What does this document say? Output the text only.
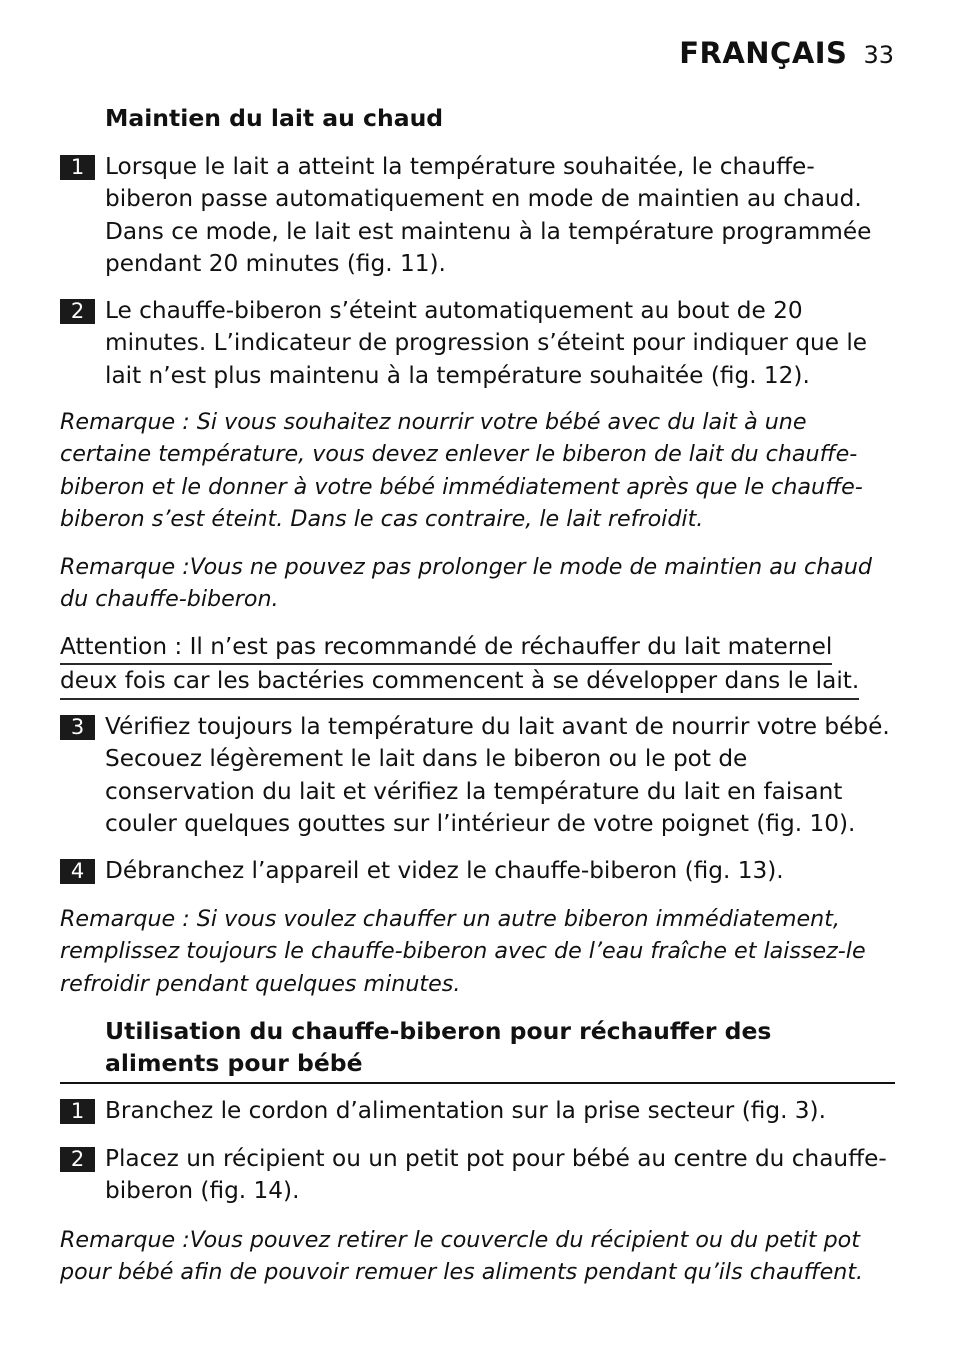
FRANÇAIS 33
Maintien du lait au chaud
1 Lorsque le lait a atteint la température souhaitée, le chauffe-biberon passe automatiquement en mode de maintien au chaud. Dans ce mode, le lait est maintenu à la température programmée pendant 20 minutes (fig. 11).
2 Le chauffe-biberon s’éteint automatiquement au bout de 20 minutes. L’indicateur de progression s’éteint pour indiquer que le lait n’est plus maintenu à la température souhaitée (fig. 12).

Remarque : Si vous souhaitez nourrir votre bébé avec du lait à une certaine température, vous devez enlever le biberon de lait du chauffe-biberon et le donner à votre bébé immédiatement après que le chauffe-biberon s’est éteint. Dans le cas contraire, le lait refroidit.

Remarque :Vous ne pouvez pas prolonger le mode de maintien au chaud du chauffe-biberon.

Attention : Il n’est pas recommandé de réchauffer du lait maternel
deux fois car les bactéries commencent à se développer dans le lait.

3 Vérifiez toujours la température du lait avant de nourrir votre bébé. Secouez légèrement le lait dans le biberon ou le pot de conservation du lait et vérifiez la température du lait en faisant couler quelques gouttes sur l’intérieur de votre poignet (fig. 10).
4 Débranchez l’appareil et videz le chauffe-biberon (fig. 13).

Remarque : Si vous voulez chauffer un autre biberon immédiatement, remplissez toujours le chauffe-biberon avec de l’eau fraîche et laissez-le refroidir pendant quelques minutes.

Utilisation du chauffe-biberon pour réchauffer des aliments pour bébé
1 Branchez le cordon d’alimentation sur la prise secteur (fig. 3).
2 Placez un récipient ou un petit pot pour bébé au centre du chauffe-biberon (fig. 14).

Remarque :Vous pouvez retirer le couvercle du récipient ou du petit pot pour bébé afin de pouvoir remuer les aliments pendant qu’ils chauffent.
